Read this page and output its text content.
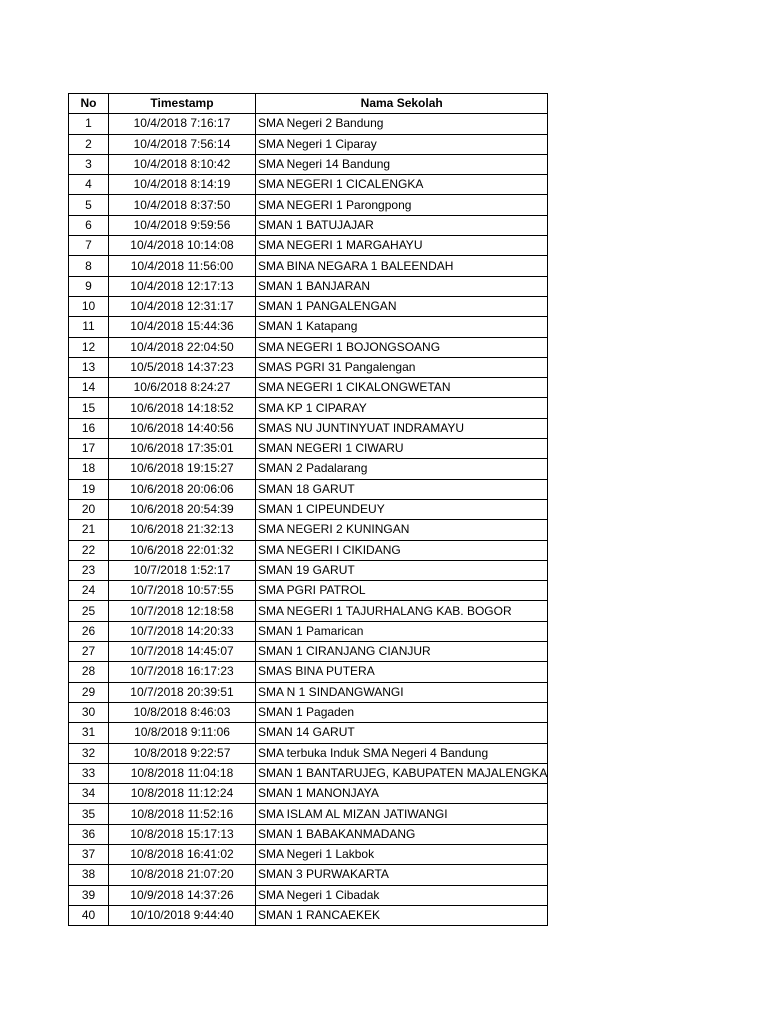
No	Timestamp	Nama Sekolah
1	10/4/2018 7:16:17	SMA Negeri 2 Bandung
2	10/4/2018 7:56:14	SMA Negeri 1 Ciparay
3	10/4/2018 8:10:42	SMA Negeri 14 Bandung
4	10/4/2018 8:14:19	SMA NEGERI 1 CICALENGKA
5	10/4/2018 8:37:50	SMA NEGERI 1 Parongpong
6	10/4/2018 9:59:56	SMAN 1 BATUJAJAR
7	10/4/2018 10:14:08	SMA NEGERI 1 MARGAHAYU
8	10/4/2018 11:56:00	SMA BINA NEGARA 1 BALEENDAH
9	10/4/2018 12:17:13	SMAN 1 BANJARAN
10	10/4/2018 12:31:17	SMAN 1 PANGALENGAN
11	10/4/2018 15:44:36	SMAN 1 Katapang
12	10/4/2018 22:04:50	SMA NEGERI 1 BOJONGSOANG
13	10/5/2018 14:37:23	SMAS PGRI 31 Pangalengan
14	10/6/2018 8:24:27	SMA NEGERI 1 CIKALONGWETAN
15	10/6/2018 14:18:52	SMA KP 1 CIPARAY
16	10/6/2018 14:40:56	SMAS NU JUNTINYUAT INDRAMAYU
17	10/6/2018 17:35:01	SMAN NEGERI 1 CIWARU
18	10/6/2018 19:15:27	SMAN 2 Padalarang
19	10/6/2018 20:06:06	SMAN 18 GARUT
20	10/6/2018 20:54:39	SMAN 1 CIPEUNDEUY
21	10/6/2018 21:32:13	SMA NEGERI 2 KUNINGAN
22	10/6/2018 22:01:32	SMA NEGERI I CIKIDANG
23	10/7/2018 1:52:17	SMAN 19 GARUT
24	10/7/2018 10:57:55	SMA PGRI PATROL
25	10/7/2018 12:18:58	SMA NEGERI 1 TAJURHALANG KAB. BOGOR
26	10/7/2018 14:20:33	SMAN 1 Pamarican
27	10/7/2018 14:45:07	SMAN 1 CIRANJANG CIANJUR
28	10/7/2018 16:17:23	SMAS BINA PUTERA
29	10/7/2018 20:39:51	SMA N 1 SINDANGWANGI
30	10/8/2018 8:46:03	SMAN 1 Pagaden
31	10/8/2018 9:11:06	SMAN 14 GARUT
32	10/8/2018 9:22:57	SMA terbuka Induk SMA Negeri 4 Bandung
33	10/8/2018 11:04:18	SMAN 1 BANTARUJEG, KABUPATEN MAJALENGKA
34	10/8/2018 11:12:24	SMAN 1 MANONJAYA
35	10/8/2018 11:52:16	SMA ISLAM AL MIZAN JATIWANGI
36	10/8/2018 15:17:13	SMAN 1 BABAKANMADANG
37	10/8/2018 16:41:02	SMA Negeri 1 Lakbok
38	10/8/2018 21:07:20	SMAN 3 PURWAKARTA
39	10/9/2018 14:37:26	SMA Negeri 1 Cibadak
40	10/10/2018 9:44:40	SMAN 1 RANCAEKEK
